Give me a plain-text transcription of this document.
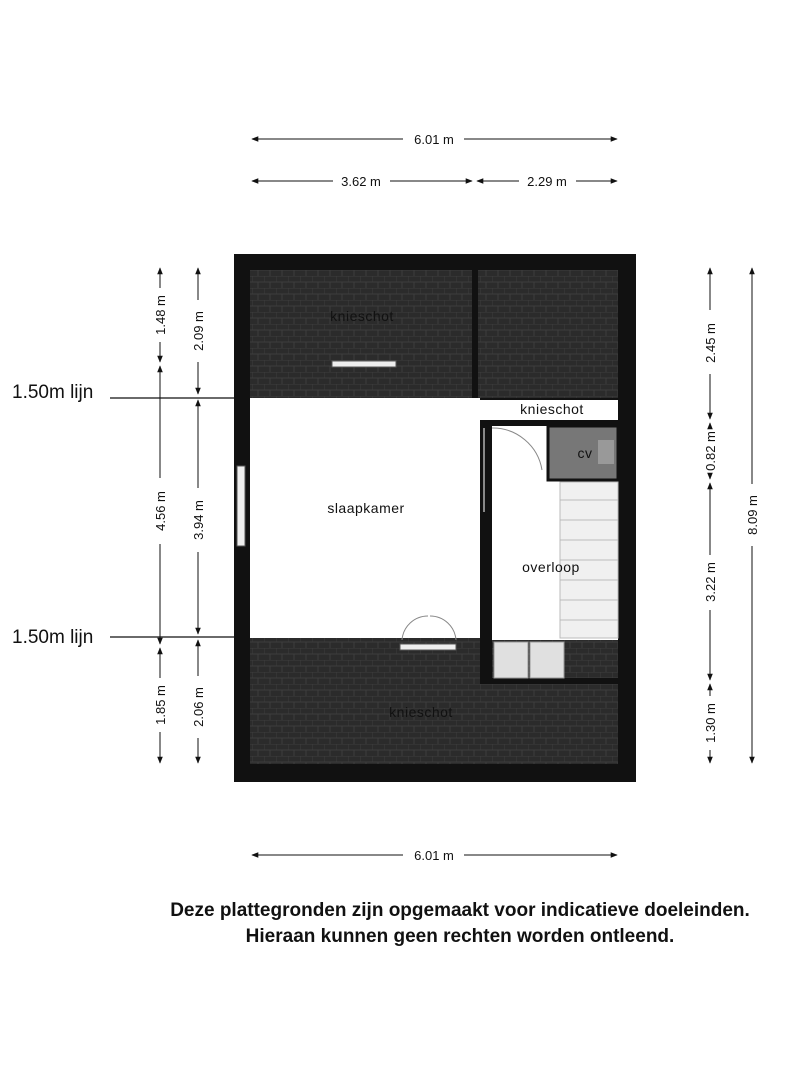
6.01 m
3.62 m	2.29 m
6.01 m
1.48 m
4.56 m
1.85 m
2.09 m
3.94 m
2.06 m
2.45 m
0.82 m
3.22 m
1.30 m
8.09 m
1.50m lijn
1.50m lijn
knieschot
knieschot
cv
slaapkamer
overloop
knieschot
Deze plattegronden zijn opgemaakt voor indicatieve doeleinden.
Hieraan kunnen geen rechten worden ontleend.
